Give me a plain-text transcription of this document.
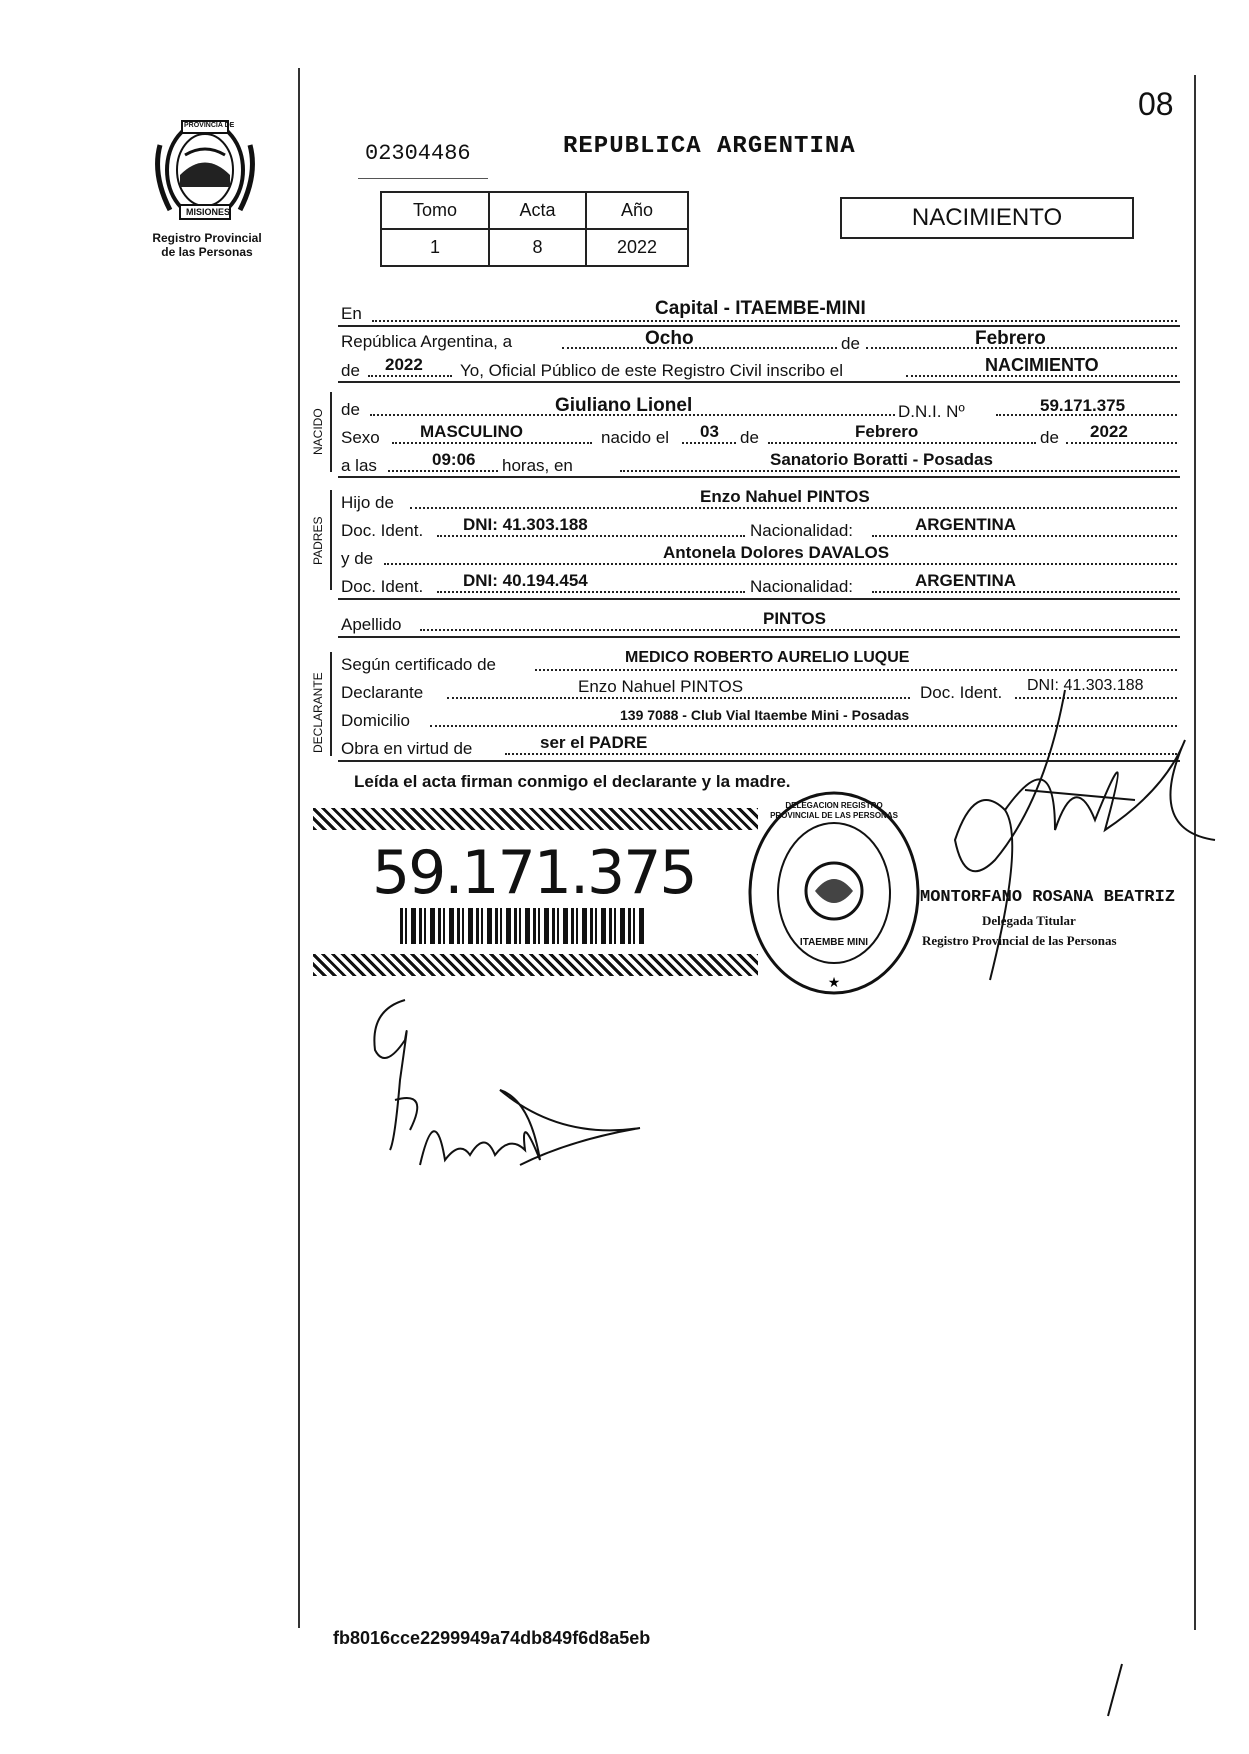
08
PROVINCIA DE
MISIONES
Registro Provincial
de las Personas
02304486	REPUBLICA ARGENTINA
Tomo	Acta	Año
1	8	2022
NACIMIENTO
En	Capital - ITAEMBE-MINI
República Argentina, a	Ocho	de	Febrero
de 2022 Yo, Oficial Público de este Registro Civil inscribo el	NACIMIENTO
NACIDO de	Giuliano Lionel	D.N.I. Nº	59.171.375
Sexo MASCULINO	nacido el 03 de	Febrero	de 2022
a las	09:06 horas, en	Sanatorio Boratti - Posadas
PADRES
Hijo de	Enzo Nahuel PINTOS
Doc. Ident. DNI: 41.303.188	Nacionalidad:	ARGENTINA
y de	Antonela Dolores DAVALOS
Doc. Ident. DNI: 40.194.454	Nacionalidad:	ARGENTINA
Apellido	PINTOS
DECLARANTE
Según certificado de	MEDICO ROBERTO AURELIO LUQUE
Declarante	Enzo Nahuel PINTOS	Doc. Ident. DNI: 41.303.188
Domicilio	139 7088 - Club Vial Itaembe Mini - Posadas
Obra en virtud de	ser el PADRE
Leída el acta firman conmigo el declarante y la madre.
59.171.375
★
DELEGACION REGISTRO PROVINCIAL DE LAS PERSONAS
ITAEMBE MINI
MONTORFANO ROSANA BEATRIZ
Delegada Titular
Registro Provincial de las Personas
fb8016cce2299949a74db849f6d8a5eb
